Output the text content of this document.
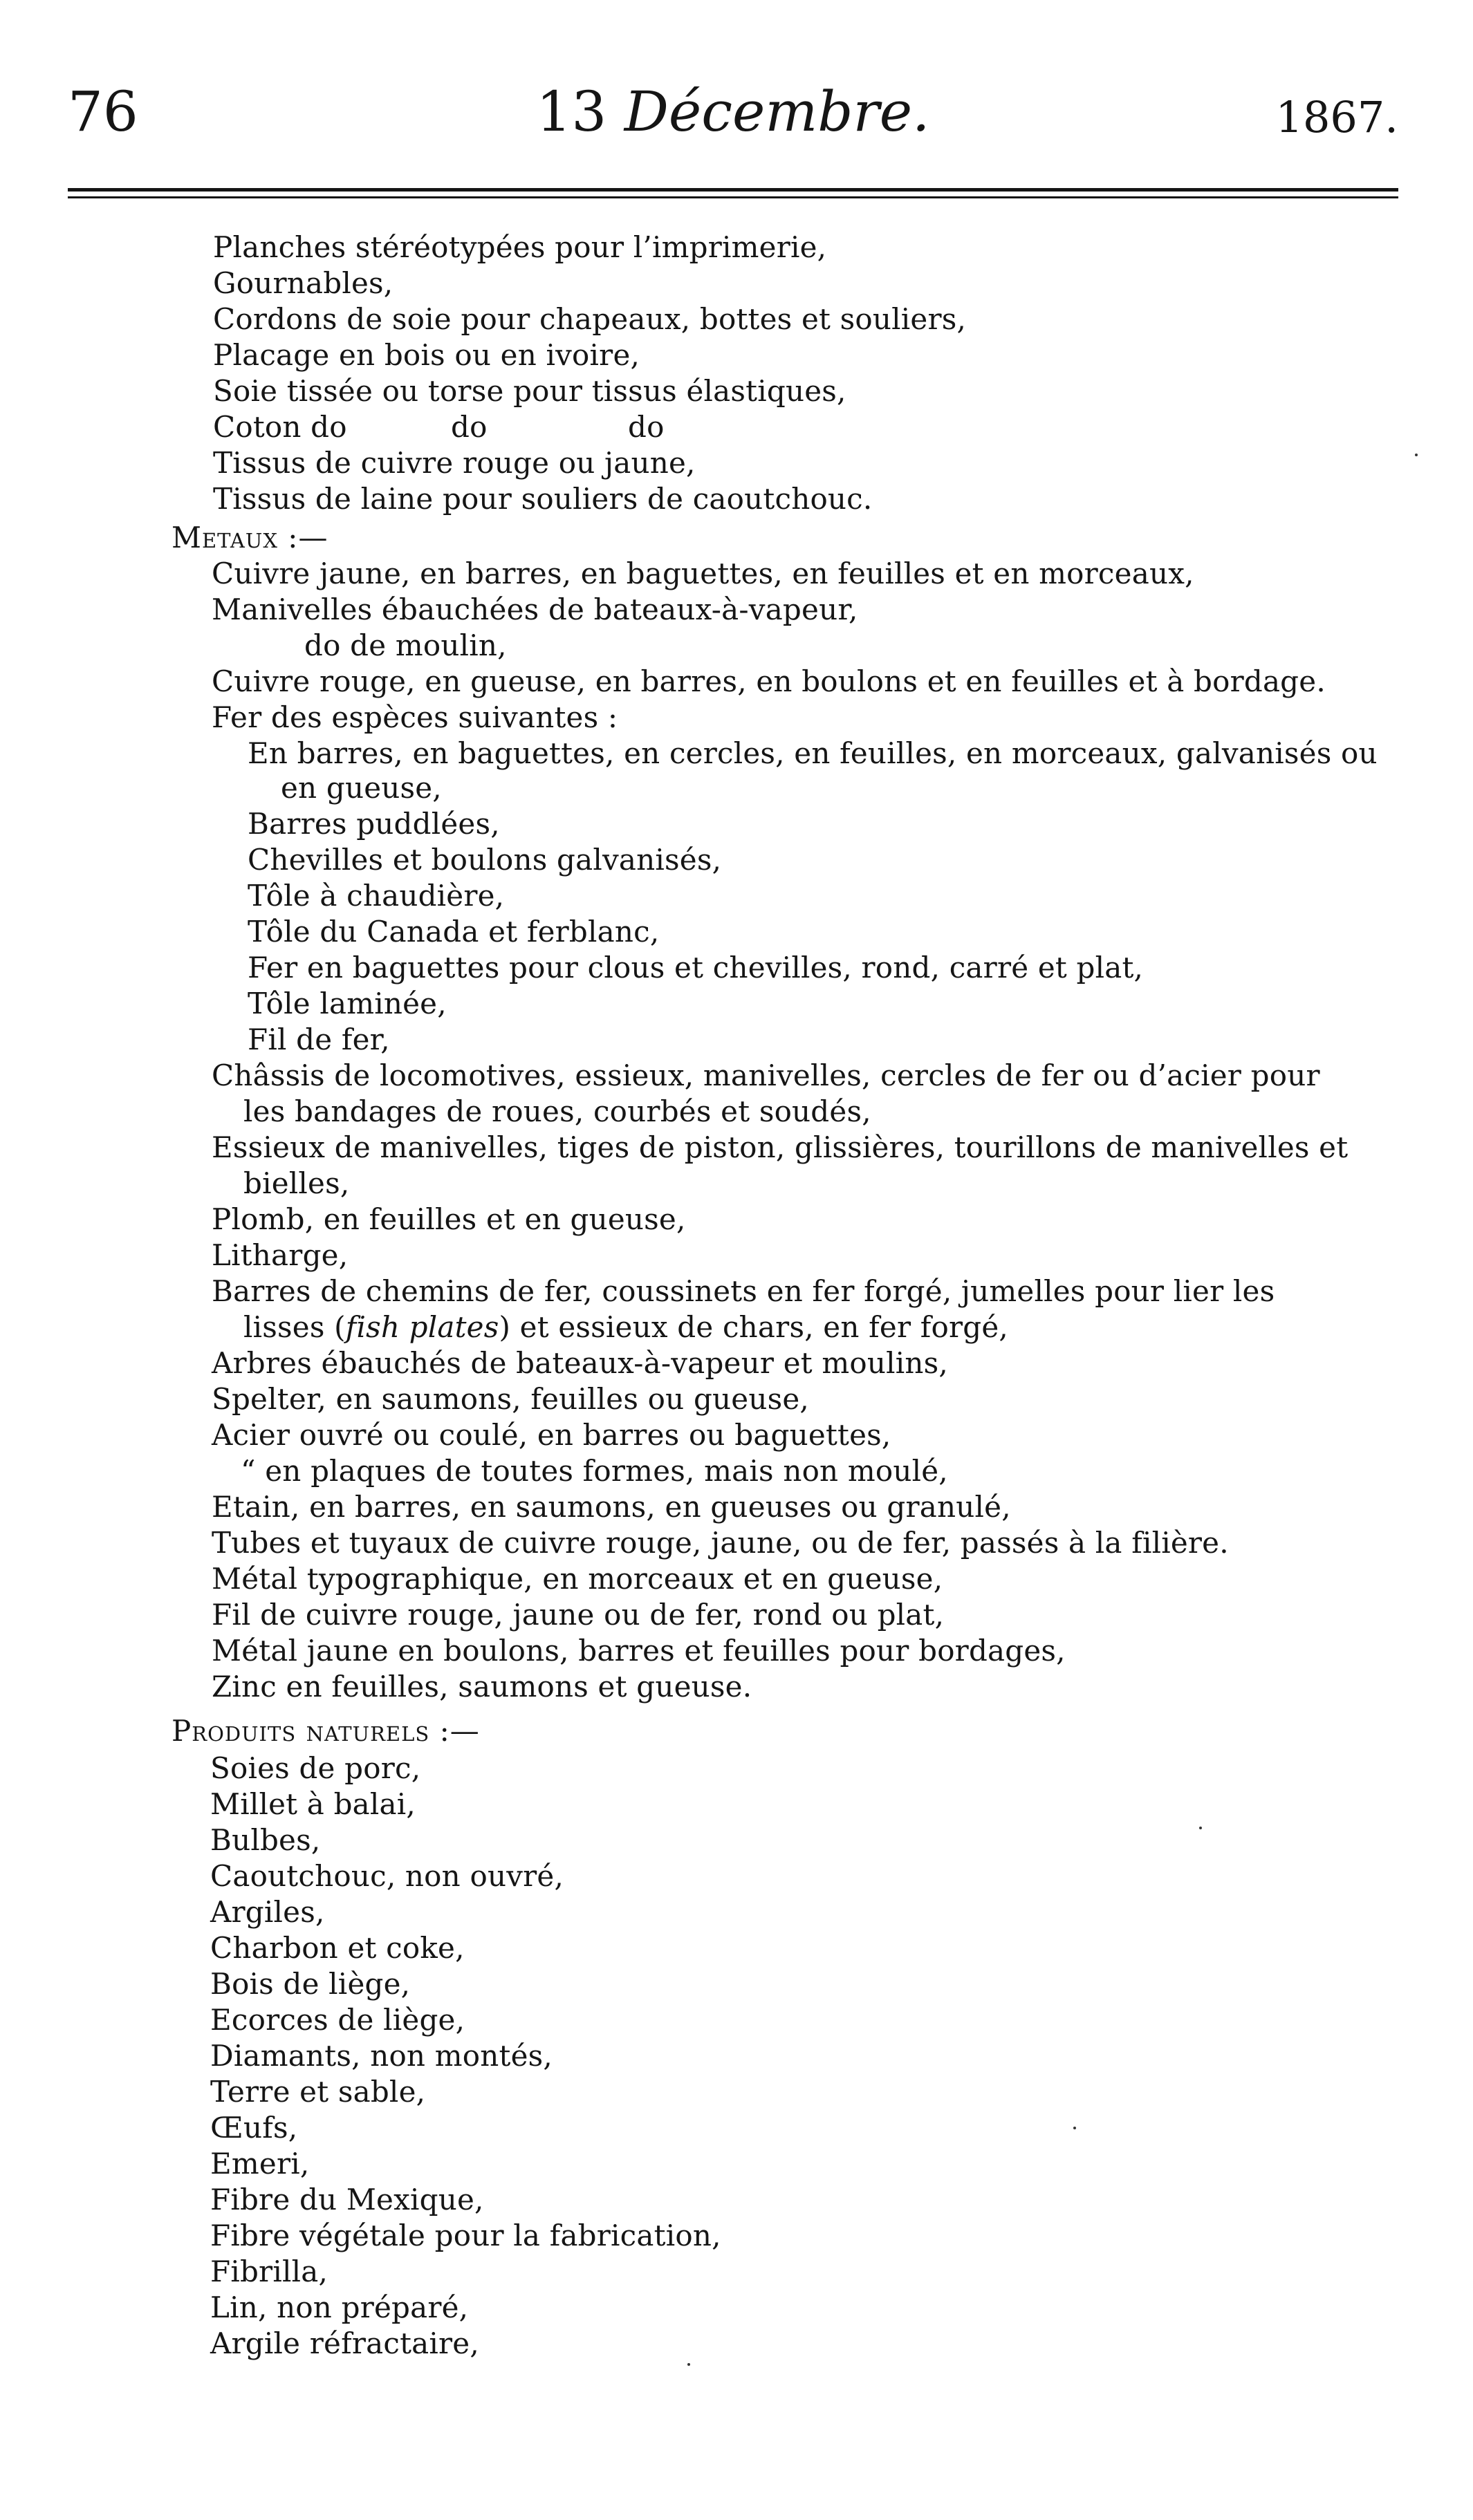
76	13 Décembre.	1867.
Planches stéréotypées pour l’imprimerie,
Gournables,
Cordons de soie pour chapeaux, bottes et souliers,
Placage en bois ou en ivoire,
Soie tissée ou torse pour tissus élastiques,
Coton do	do	do
Tissus de cuivre rouge ou jaune,
Tissus de laine pour souliers de caoutchouc.
Metaux :—
Cuivre jaune, en barres, en baguettes, en feuilles et en morceaux,
Manivelles ébauchées de bateaux-à-vapeur,
do de moulin,
Cuivre rouge, en gueuse, en barres, en boulons et en feuilles et à bordage.
Fer des espèces suivantes :
En barres, en baguettes, en cercles, en feuilles, en morceaux, galvanisés ou
en gueuse,
Barres puddlées,
Chevilles et boulons galvanisés,
Tôle à chaudière,
Tôle du Canada et ferblanc,
Fer en baguettes pour clous et chevilles, rond, carré et plat,
Tôle laminée,
Fil de fer,
Châssis de locomotives, essieux, manivelles, cercles de fer ou d’acier pour
les bandages de roues, courbés et soudés,
Essieux de manivelles, tiges de piston, glissières, tourillons de manivelles et
bielles,
Plomb, en feuilles et en gueuse,
Litharge,
Barres de chemins de fer, coussinets en fer forgé, jumelles pour lier les
lisses (fish plates) et essieux de chars, en fer forgé,
Arbres ébauchés de bateaux-à-vapeur et moulins,
Spelter, en saumons, feuilles ou gueuse,
Acier ouvré ou coulé, en barres ou baguettes,
“ en plaques de toutes formes, mais non moulé,
Etain, en barres, en saumons, en gueuses ou granulé,
Tubes et tuyaux de cuivre rouge, jaune, ou de fer, passés à la filière.
Métal typographique, en morceaux et en gueuse,
Fil de cuivre rouge, jaune ou de fer, rond ou plat,
Métal jaune en boulons, barres et feuilles pour bordages,
Zinc en feuilles, saumons et gueuse.
Produits naturels :—
Soies de porc,
Millet à balai,
Bulbes,
Caoutchouc, non ouvré,
Argiles,
Charbon et coke,
Bois de liège,
Ecorces de liège,
Diamants, non montés,
Terre et sable,
Œufs,
Emeri,
Fibre du Mexique,
Fibre végétale pour la fabrication,
Fibrilla,
Lin, non préparé,
Argile réfractaire,
